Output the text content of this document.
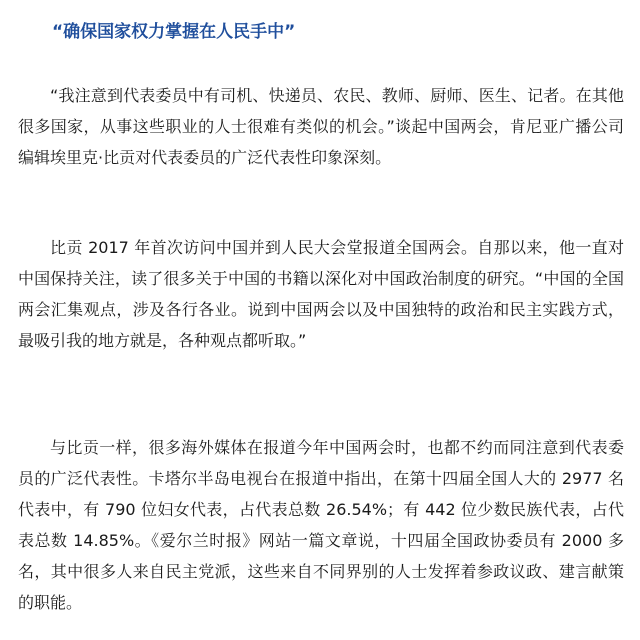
“确保国家权力掌握在人民手中”

“我注意到代表委员中有司机、快递员、农民、教师、厨师、医生、记者。在其他很多国家，从事这些职业的人士很难有类似的机会。”谈起中国两会，肯尼亚广播公司编辑埃里克·比贡对代表委员的广泛代表性印象深刻。

比贡 2017 年首次访问中国并到人民大会堂报道全国两会。自那以来，他一直对中国保持关注，读了很多关于中国的书籍以深化对中国政治制度的研究。“中国的全国两会汇集观点，涉及各行各业。说到中国两会以及中国独特的政治和民主实践方式，最吸引我的地方就是，各种观点都听取。”

与比贡一样，很多海外媒体在报道今年中国两会时，也都不约而同注意到代表委员的广泛代表性。卡塔尔半岛电视台在报道中指出，在第十四届全国人大的 2977 名代表中，有 790 位妇女代表，占代表总数 26.54%；有 442 位少数民族代表，占代表总数 14.85%。《爱尔兰时报》网站一篇文章说，十四届全国政协委员有 2000 多名，其中很多人来自民主党派，这些来自不同界别的人士发挥着参政议政、建言献策的职能。
